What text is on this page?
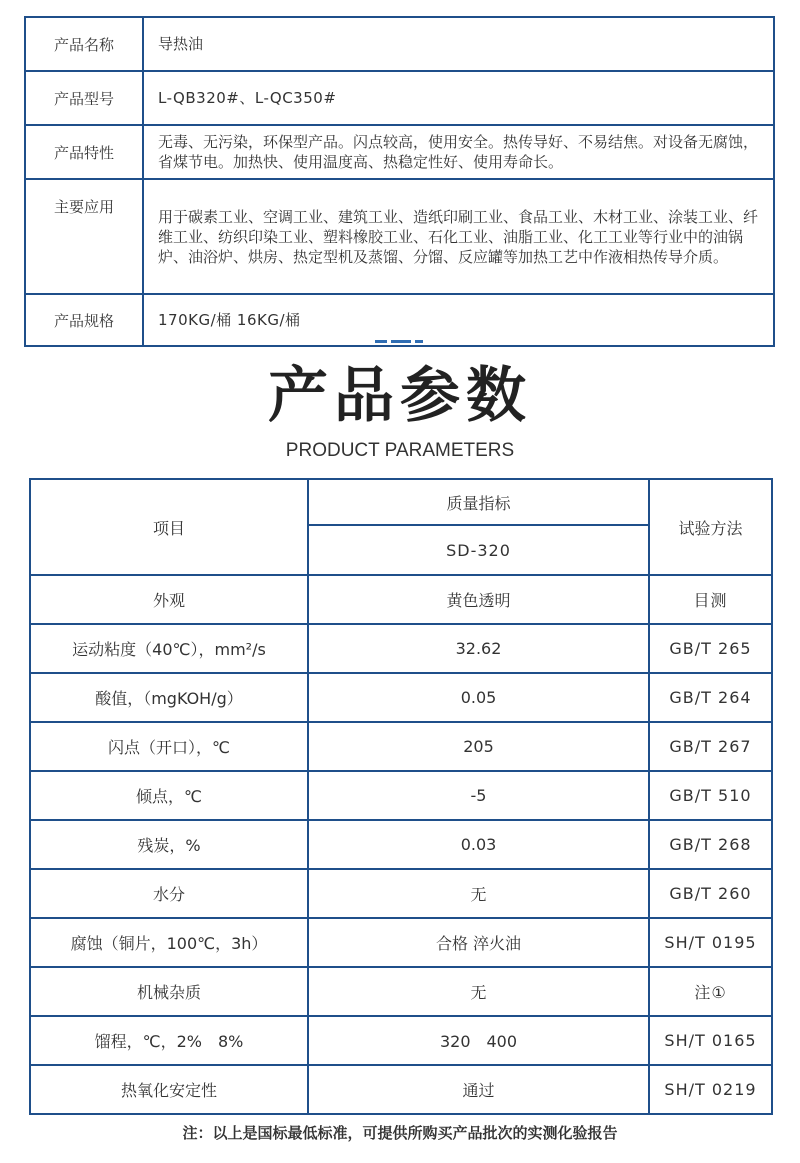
产品名称	导热油
产品型号	L-QB320#、L-QC350#
产品特性	无毒、无污染，环保型产品。闪点较高，使用安全。热传导好、不易结焦。对设备无腐蚀，省煤节电。加热快、使用温度高、热稳定性好、使用寿命长。
主要应用	用于碳素工业、空调工业、建筑工业、造纸印刷工业、食品工业、木材工业、涂装工业、纤维工业、纺织印染工业、塑料橡胶工业、石化工业、油脂工业、化工工业等行业中的油锅炉、油浴炉、烘房、热定型机及蒸馏、分馏、反应罐等加热工艺中作液相热传导介质。
产品规格	170KG/桶 16KG/桶
产品参数
PRODUCT PARAMETERS
项目	质量指标	试验方法
	SD-320	
外观	黄色透明	目测
运动粘度（40℃），mm²/s	32.62	GB/T 265
酸值，（mgKOH/g）	0.05	GB/T 264
闪点（开口），℃	205	GB/T 267
倾点，℃	-5	GB/T 510
残炭，%	0.03	GB/T 268
水分	无	GB/T 260
腐蚀（铜片，100℃，3h）	合格 淬火油	SH/T 0195
机械杂质	无	注①
馏程，℃，2%　8%	320　400	SH/T 0165
热氧化安定性	通过	SH/T 0219
注：以上是国标最低标准，可提供所购买产品批次的实测化验报告
